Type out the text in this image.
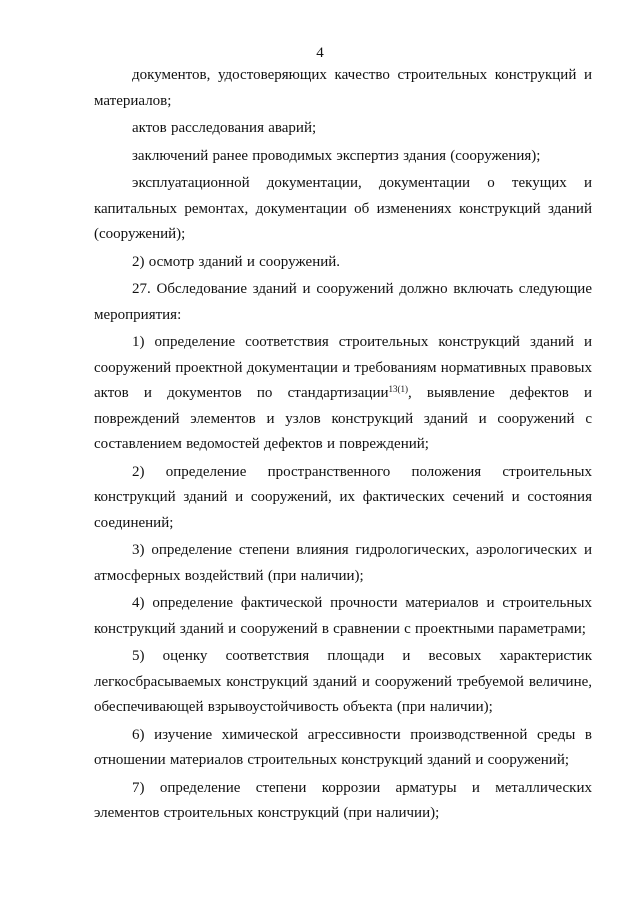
4

документов, удостоверяющих качество строительных конструкций и материалов;

актов расследования аварий;

заключений ранее проводимых экспертиз здания (сооружения);

эксплуатационной документации, документации о текущих и капитальных ремонтах, документации об изменениях конструкций зданий (сооружений);

2) осмотр зданий и сооружений.

27. Обследование зданий и сооружений должно включать следующие мероприятия:

1) определение соответствия строительных конструкций зданий и сооружений проектной документации и требованиям нормативных правовых актов и документов по стандартизации$^{13(1)}$, выявление дефектов и повреждений элементов и узлов конструкций зданий и сооружений с составлением ведомостей дефектов и повреждений;

2) определение пространственного положения строительных конструкций зданий и сооружений, их фактических сечений и состояния соединений;

3) определение степени влияния гидрологических, аэрологических и атмосферных воздействий (при наличии);

4) определение фактической прочности материалов и строительных конструкций зданий и сооружений в сравнении с проектными параметрами;

5) оценку соответствия площади и весовых характеристик легкосбрасываемых конструкций зданий и сооружений требуемой величине, обеспечивающей взрывоустойчивость объекта (при наличии);

6) изучение химической агрессивности производственной среды в отношении материалов строительных конструкций зданий и сооружений;

7) определение степени коррозии арматуры и металлических элементов строительных конструкций (при наличии);
